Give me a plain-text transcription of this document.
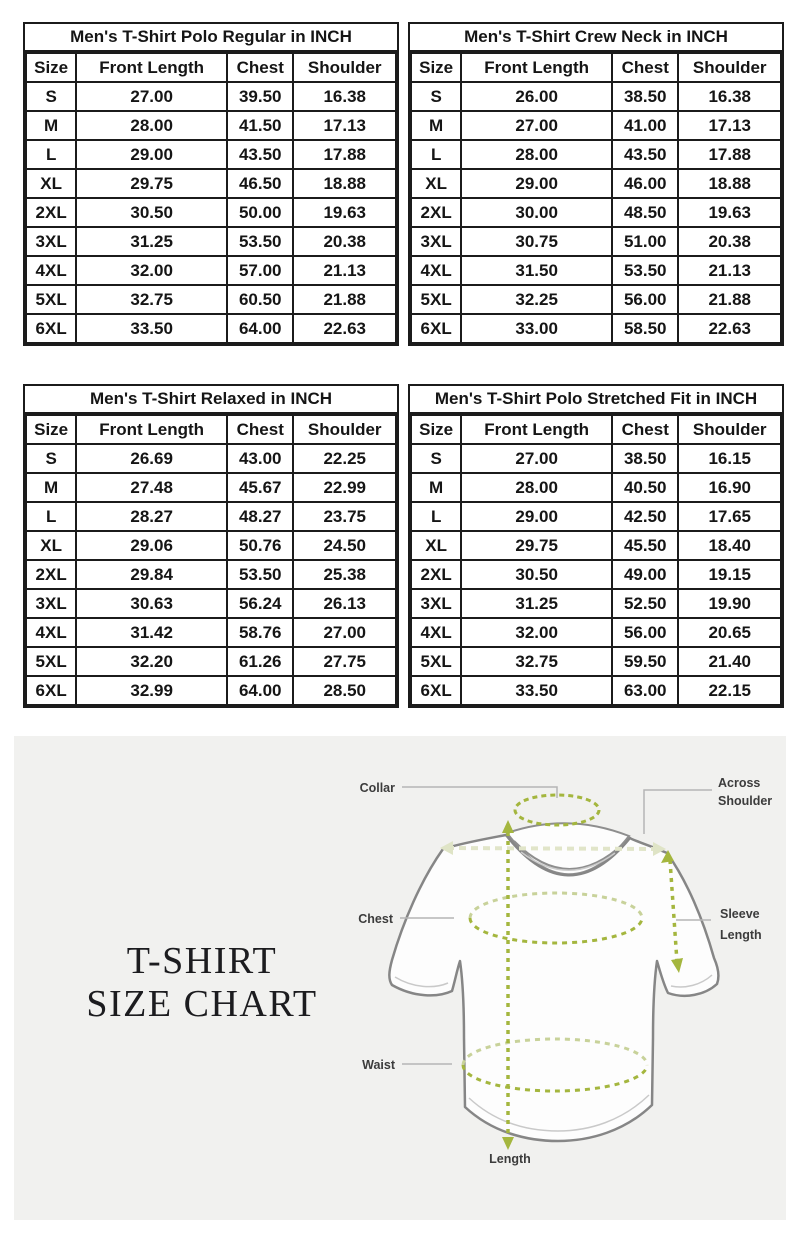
Men's T-Shirt Polo Regular in INCH
Size	Front Length	Chest	Shoulder
S	27.00	39.50	16.38
M	28.00	41.50	17.13
L	29.00	43.50	17.88
XL	29.75	46.50	18.88
2XL	30.50	50.00	19.63
3XL	31.25	53.50	20.38
4XL	32.00	57.00	21.13
5XL	32.75	60.50	21.88
6XL	33.50	64.00	22.63
Men's T-Shirt Crew Neck in INCH
Size	Front Length	Chest	Shoulder
S	26.00	38.50	16.38
M	27.00	41.00	17.13
L	28.00	43.50	17.88
XL	29.00	46.00	18.88
2XL	30.00	48.50	19.63
3XL	30.75	51.00	20.38
4XL	31.50	53.50	21.13
5XL	32.25	56.00	21.88
6XL	33.00	58.50	22.63
Men's T-Shirt Relaxed in INCH
Size	Front Length	Chest	Shoulder
S	26.69	43.00	22.25
M	27.48	45.67	22.99
L	28.27	48.27	23.75
XL	29.06	50.76	24.50
2XL	29.84	53.50	25.38
3XL	30.63	56.24	26.13
4XL	31.42	58.76	27.00
5XL	32.20	61.26	27.75
6XL	32.99	64.00	28.50
Men's T-Shirt Polo Stretched Fit in INCH
Size	Front Length	Chest	Shoulder
S	27.00	38.50	16.15
M	28.00	40.50	16.90
L	29.00	42.50	17.65
XL	29.75	45.50	18.40
2XL	30.50	49.00	19.15
3XL	31.25	52.50	19.90
4XL	32.00	56.00	20.65
5XL	32.75	59.50	21.40
6XL	33.50	63.00	22.15
Collar	Across
Shoulder
Chest	Sleeve
Length
Waist
Length
T-SHIRT
SIZE CHART
